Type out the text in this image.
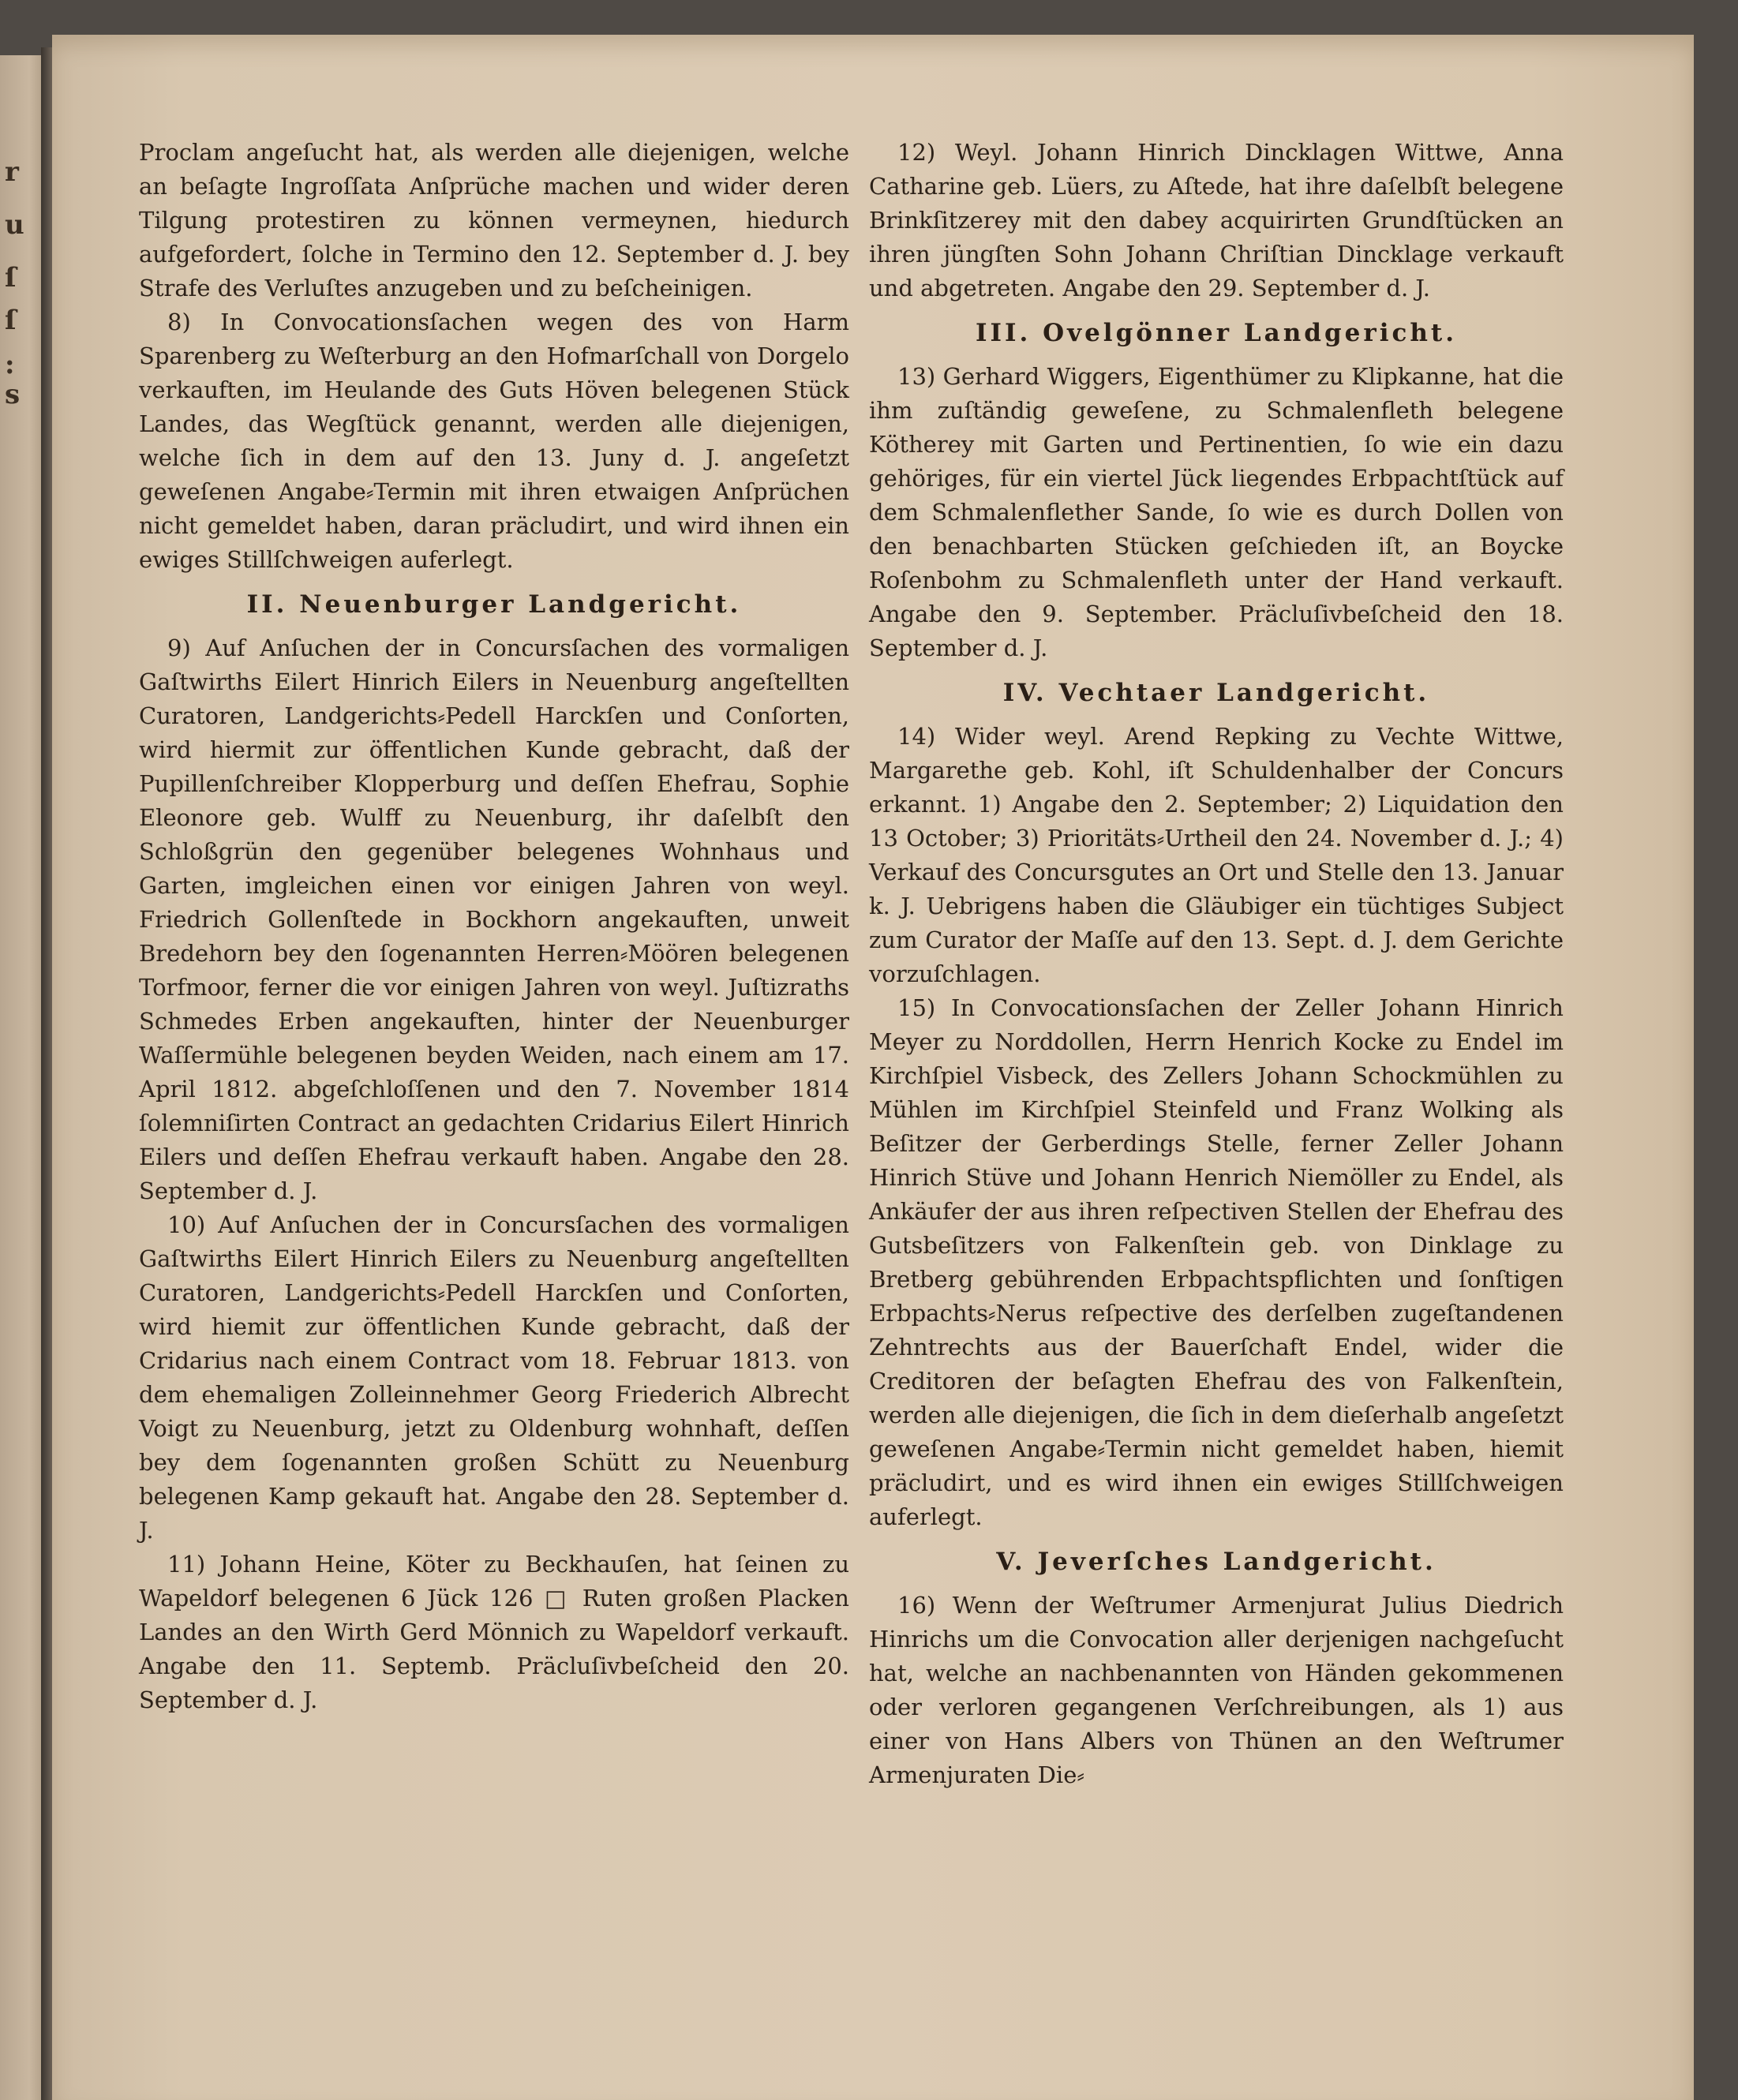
r
u
ſ
ſ
:
s

Proclam angeſucht hat, als werden alle diejenigen, welche an beſagte Ingroſſata Anſprüche machen und wider deren Tilgung protestiren zu können vermeynen, hiedurch aufgefordert, ſolche in Termino den 12. September d. J. bey Strafe des Verluſtes anzugeben und zu beſcheinigen.

8) In Convocationsſachen wegen des von Harm Sparenberg zu Weſterburg an den Hofmarſchall von Dorgelo verkauften, im Heulande des Guts Höven belegenen Stück Landes, das Wegſtück genannt, werden alle diejenigen, welche ſich in dem auf den 13. Juny d. J. angeſetzt geweſenen Angabe⸗Termin mit ihren etwaigen Anſprüchen nicht gemeldet haben, daran präcludirt, und wird ihnen ein ewiges Stillſchweigen auferlegt.

II. Neuenburger Landgericht.

9) Auf Anſuchen der in Concursſachen des vormaligen Gaſtwirths Eilert Hinrich Eilers in Neuenburg angeſtellten Curatoren, Landgerichts⸗Pedell Harckſen und Conſorten, wird hiermit zur öffentlichen Kunde gebracht, daß der Pupillenſchreiber Klopperburg und deſſen Ehefrau, Sophie Eleonore geb. Wulff zu Neuenburg, ihr daſelbſt den Schloßgrün den gegenüber belegenes Wohnhaus und Garten, imgleichen einen vor einigen Jahren von weyl. Friedrich Gollenſtede in Bockhorn angekauften, unweit Bredehorn bey den ſogenannten Herren⸗Möören belegenen Torfmoor, ferner die vor einigen Jahren von weyl. Juſtizraths Schmedes Erben angekauften, hinter der Neuenburger Waſſermühle belegenen beyden Weiden, nach einem am 17. April 1812. abgeſchloſſenen und den 7. November 1814 ſolemniſirten Contract an gedachten Cridarius Eilert Hinrich Eilers und deſſen Ehefrau verkauft haben. Angabe den 28. September d. J.

10) Auf Anſuchen der in Concursſachen des vormaligen Gaſtwirths Eilert Hinrich Eilers zu Neuenburg angeſtellten Curatoren, Landgerichts⸗Pedell Harckſen und Conſorten, wird hiemit zur öffentlichen Kunde gebracht, daß der Cridarius nach einem Contract vom 18. Februar 1813. von dem ehemaligen Zolleinnehmer Georg Friederich Albrecht Voigt zu Neuenburg, jetzt zu Oldenburg wohnhaft, deſſen bey dem ſogenannten großen Schütt zu Neuenburg belegenen Kamp gekauft hat. Angabe den 28. September d. J.

11) Johann Heine, Köter zu Beckhauſen, hat ſeinen zu Wapeldorf belegenen 6 Jück 126 □ Ruten großen Placken Landes an den Wirth Gerd Mönnich zu Wapeldorf verkauft. Angabe den 11. Septemb. Präcluſivbeſcheid den 20. September d. J.

12) Weyl. Johann Hinrich Dincklagen Wittwe, Anna Catharine geb. Lüers, zu Aſtede, hat ihre daſelbſt belegene Brinkſitzerey mit den dabey acquirirten Grundſtücken an ihren jüngſten Sohn Johann Chriſtian Dincklage verkauft und abgetreten. Angabe den 29. September d. J.

III. Ovelgönner Landgericht.

13) Gerhard Wiggers, Eigenthümer zu Klipkanne, hat die ihm zuſtändig geweſene, zu Schmalenfleth belegene Kötherey mit Garten und Pertinentien, ſo wie ein dazu gehöriges, für ein viertel Jück liegendes Erbpachtſtück auf dem Schmalenflether Sande, ſo wie es durch Dollen von den benachbarten Stücken geſchieden iſt, an Boycke Roſenbohm zu Schmalenfleth unter der Hand verkauft. Angabe den 9. September. Präcluſivbeſcheid den 18. September d. J.

IV. Vechtaer Landgericht.

14) Wider weyl. Arend Repking zu Vechte Wittwe, Margarethe geb. Kohl, iſt Schuldenhalber der Concurs erkannt. 1) Angabe den 2. September; 2) Liquidation den 13 October; 3) Prioritäts⸗Urtheil den 24. November d. J.; 4) Verkauf des Concursgutes an Ort und Stelle den 13. Januar k. J. Uebrigens haben die Gläubiger ein tüchtiges Subject zum Curator der Maſſe auf den 13. Sept. d. J. dem Gerichte vorzuſchlagen.

15) In Convocationsſachen der Zeller Johann Hinrich Meyer zu Norddollen, Herrn Henrich Kocke zu Endel im Kirchſpiel Visbeck, des Zellers Johann Schockmühlen zu Mühlen im Kirchſpiel Steinfeld und Franz Wolking als Beſitzer der Gerberdings Stelle, ferner Zeller Johann Hinrich Stüve und Johann Henrich Niemöller zu Endel, als Ankäufer der aus ihren reſpectiven Stellen der Ehefrau des Gutsbeſitzers von Falkenſtein geb. von Dinklage zu Bretberg gebührenden Erbpachtspflichten und ſonſtigen Erbpachts⸗Nerus reſpective des derſelben zugeſtandenen Zehntrechts aus der Bauerſchaft Endel, wider die Creditoren der beſagten Ehefrau des von Falkenſtein, werden alle diejenigen, die ſich in dem dieſerhalb angeſetzt geweſenen Angabe⸗Termin nicht gemeldet haben, hiemit präcludirt, und es wird ihnen ein ewiges Stillſchweigen auferlegt.

V. Jeverſches Landgericht.

16) Wenn der Weſtrumer Armenjurat Julius Diedrich Hinrichs um die Convocation aller derjenigen nachgeſucht hat, welche an nachbenannten von Händen gekommenen oder verloren gegangenen Verſchreibungen, als 1) aus einer von Hans Albers von Thünen an den Weſtrumer Armenjuraten Die⸗
